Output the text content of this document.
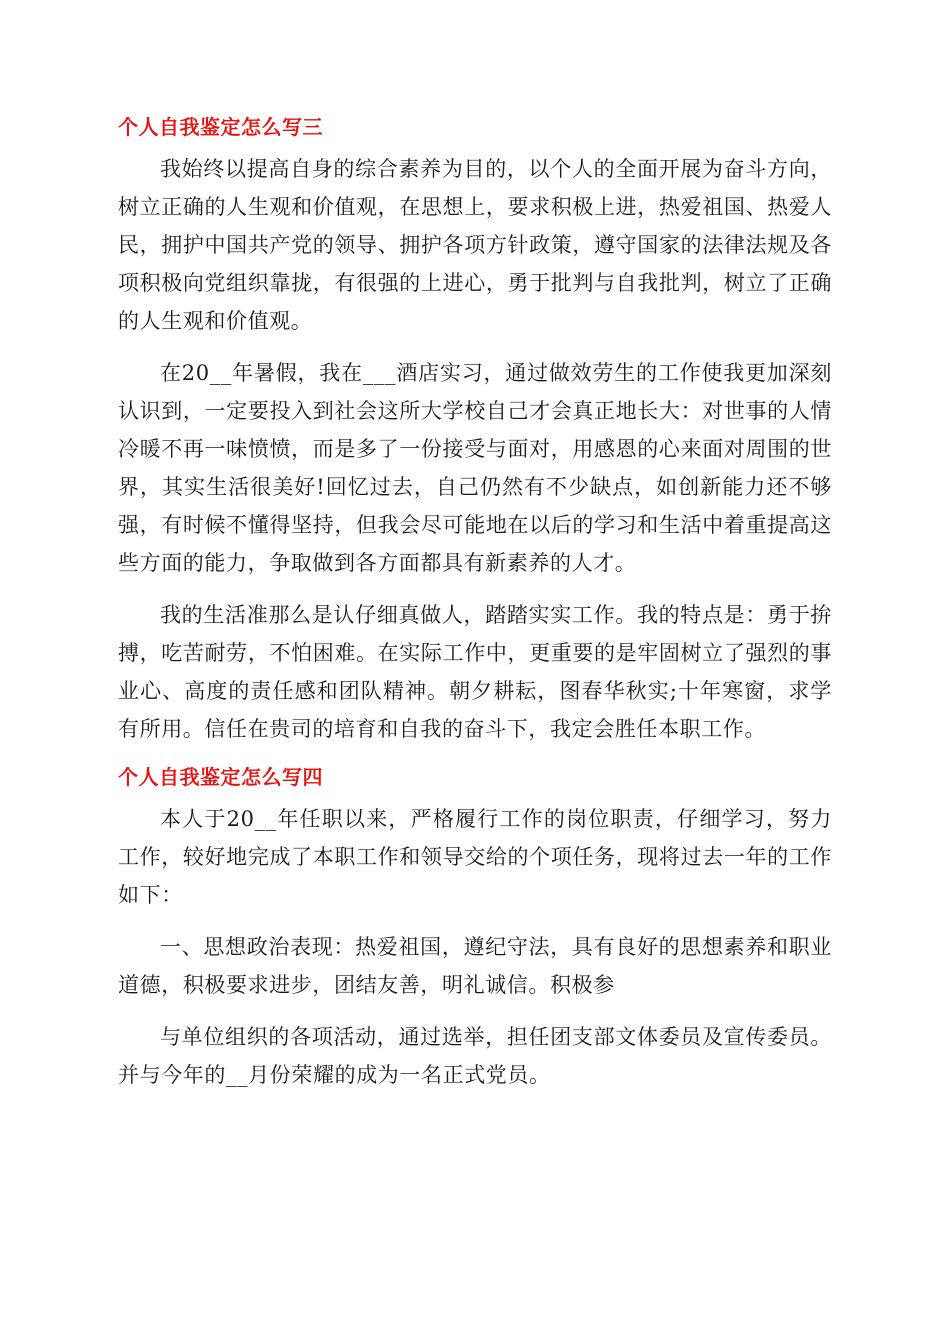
个人自我鉴定怎么写三

我始终以提高自身的综合素养为目的，以个人的全面开展为奋斗方向，树立正确的人生观和价值观，在思想上，要求积极上进，热爱祖国、热爱人民，拥护中国共产党的领导、拥护各项方针政策，遵守国家的法律法规及各项积极向党组织靠拢，有很强的上进心，勇于批判与自我批判，树立了正确的人生观和价值观。

在20__年暑假，我在___酒店实习，通过做效劳生的工作使我更加深刻认识到，一定要投入到社会这所大学校自己才会真正地长大：对世事的人情冷暖不再一味愤愤，而是多了一份接受与面对，用感恩的心来面对周围的世界，其实生活很美好!回忆过去，自己仍然有不少缺点，如创新能力还不够强，有时候不懂得坚持，但我会尽可能地在以后的学习和生活中着重提高这些方面的能力，争取做到各方面都具有新素养的人才。

我的生活准那么是认仔细真做人，踏踏实实工作。我的特点是：勇于拚搏，吃苦耐劳，不怕困难。在实际工作中，更重要的是牢固树立了强烈的事业心、高度的责任感和团队精神。朝夕耕耘，图春华秋实;十年寒窗，求学有所用。信任在贵司的培育和自我的奋斗下，我定会胜任本职工作。

个人自我鉴定怎么写四

本人于20__年任职以来，严格履行工作的岗位职责，仔细学习，努力工作，较好地完成了本职工作和领导交给的个项任务，现将过去一年的工作如下：

一、思想政治表现：热爱祖国，遵纪守法，具有良好的思想素养和职业道德，积极要求进步，团结友善，明礼诚信。积极参

与单位组织的各项活动，通过选举，担任团支部文体委员及宣传委员。并与今年的__月份荣耀的成为一名正式党员。
